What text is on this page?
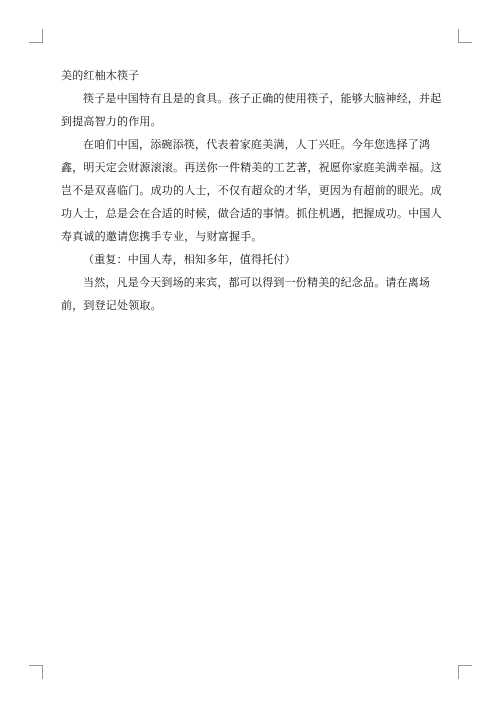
美的红柚木筷子

筷子是中国特有且是的食具。孩子正确的使用筷子，能够大脑神经，并起到提高智力的作用。

在咱们中国，添碗添筷，代表着家庭美满，人丁兴旺。今年您选择了鸿鑫，明天定会财源滚滚。再送你一件精美的工艺著，祝愿你家庭美满幸福。这岂不是双喜临门。成功的人士，不仅有超众的才华，更因为有超前的眼光。成功人士，总是会在合适的时候，做合适的事情。抓住机遇，把握成功。中国人寿真诚的邀请您携手专业，与财富握手。

（重复：中国人寿，相知多年，值得托付）

当然，凡是今天到场的来宾，都可以得到一份精美的纪念品。请在离场前，到登记处领取。
